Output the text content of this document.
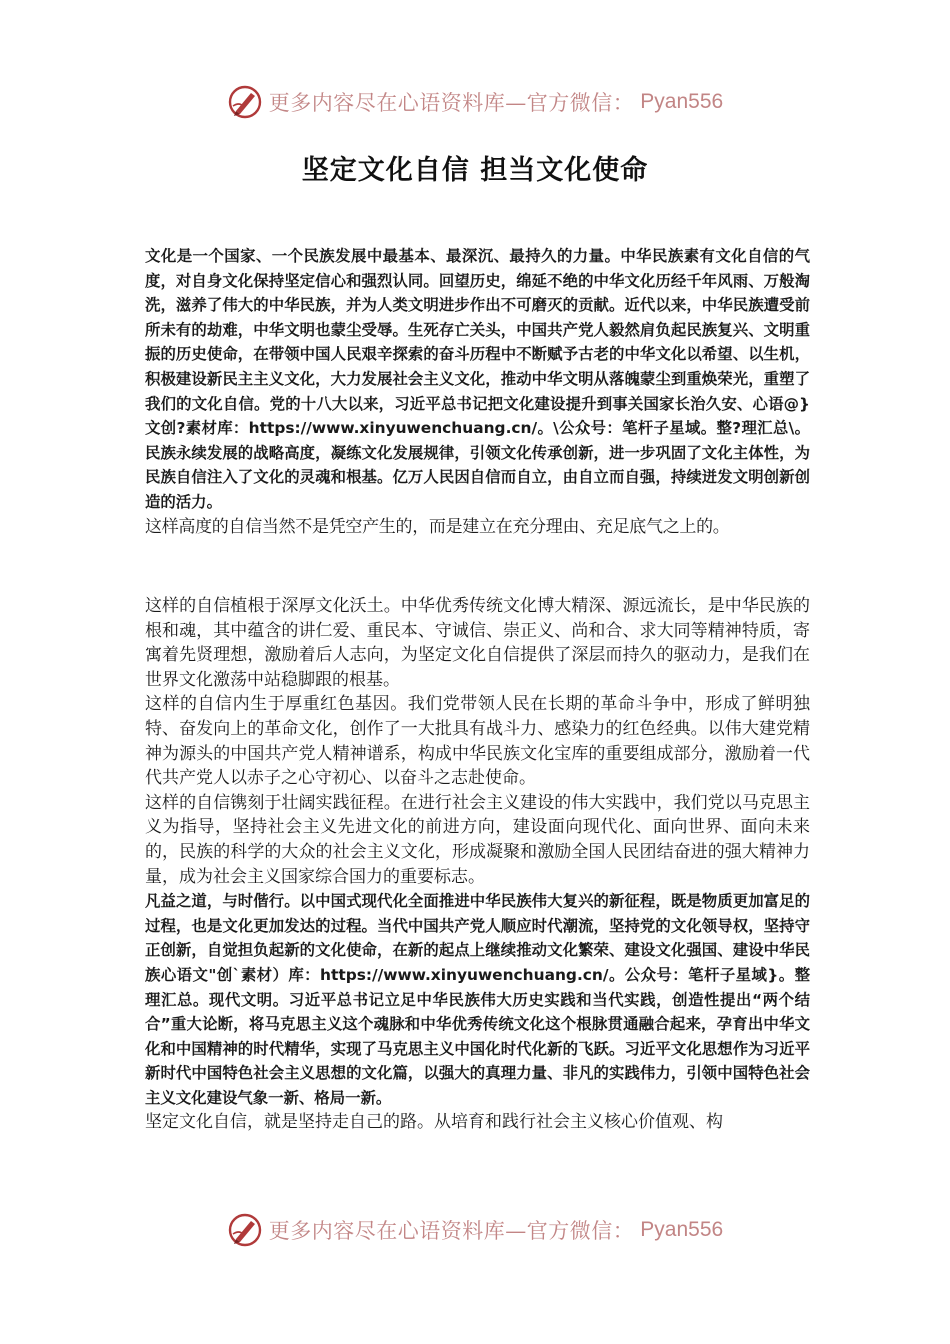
更多内容尽在心语资料库—官方微信： Pyan556
坚定文化自信 担当文化使命

文化是一个国家、一个民族发展中最基本、最深沉、最持久的力量。中华民族素有文化自信的气度，对自身文化保持坚定信心和强烈认同。回望历史，绵延不绝的中华文化历经千年风雨、万般淘洗，滋养了伟大的中华民族，并为人类文明进步作出不可磨灭的贡献。近代以来，中华民族遭受前所未有的劫难，中华文明也蒙尘受辱。生死存亡关头，中国共产党人毅然肩负起民族复兴、文明重振的历史使命，在带领中国人民艰辛探索的奋斗历程中不断赋予古老的中华文化以希望、以生机，积极建设新民主主义文化，大力发展社会主义文化，推动中华文明从落魄蒙尘到重焕荣光，重塑了我们的文化自信。党的十八大以来，习近平总书记把文化建设提升到事关国家长治久安、心语@}文创?素材库：https://www.xinyuwenchuang.cn/。\公众号：笔杆子星域。整?理汇总\。民族永续发展的战略高度，凝练文化发展规律，引领文化传承创新，进一步巩固了文化主体性，为民族自信注入了文化的灵魂和根基。亿万人民因自信而自立，由自立而自强，持续迸发文明创新创造的活力。

这样高度的自信当然不是凭空产生的，而是建立在充分理由、充足底气之上的。

这样的自信植根于深厚文化沃土。中华优秀传统文化博大精深、源远流长，是中华民族的根和魂，其中蕴含的讲仁爱、重民本、守诚信、崇正义、尚和合、求大同等精神特质，寄寓着先贤理想，激励着后人志向，为坚定文化自信提供了深层而持久的驱动力，是我们在世界文化激荡中站稳脚跟的根基。

这样的自信内生于厚重红色基因。我们党带领人民在长期的革命斗争中，形成了鲜明独特、奋发向上的革命文化，创作了一大批具有战斗力、感染力的红色经典。以伟大建党精神为源头的中国共产党人精神谱系，构成中华民族文化宝库的重要组成部分，激励着一代代共产党人以赤子之心守初心、以奋斗之志赴使命。

这样的自信镌刻于壮阔实践征程。在进行社会主义建设的伟大实践中，我们党以马克思主义为指导，坚持社会主义先进文化的前进方向，建设面向现代化、面向世界、面向未来的，民族的科学的大众的社会主义文化，形成凝聚和激励全国人民团结奋进的强大精神力量，成为社会主义国家综合国力的重要标志。

凡益之道，与时偕行。以中国式现代化全面推进中华民族伟大复兴的新征程，既是物质更加富足的过程，也是文化更加发达的过程。当代中国共产党人顺应时代潮流，坚持党的文化领导权，坚持守正创新，自觉担负起新的文化使命，在新的起点上继续推动文化繁荣、建设文化强国、建设中华民族心语文"创`素材）库：https://www.xinyuwenchuang.cn/。公众号：笔杆子星域}。整理汇总。现代文明。习近平总书记立足中华民族伟大历史实践和当代实践，创造性提出“两个结合”重大论断，将马克思主义这个魂脉和中华优秀传统文化这个根脉贯通融合起来，孕育出中华文化和中国精神的时代精华，实现了马克思主义中国化时代化新的飞跃。习近平文化思想作为习近平新时代中国特色社会主义思想的文化篇，以强大的真理力量、非凡的实践伟力，引领中国特色社会主义文化建设气象一新、格局一新。

坚定文化自信，就是坚持走自己的路。从培育和践行社会主义核心价值观、构

更多内容尽在心语资料库—官方微信： Pyan556
